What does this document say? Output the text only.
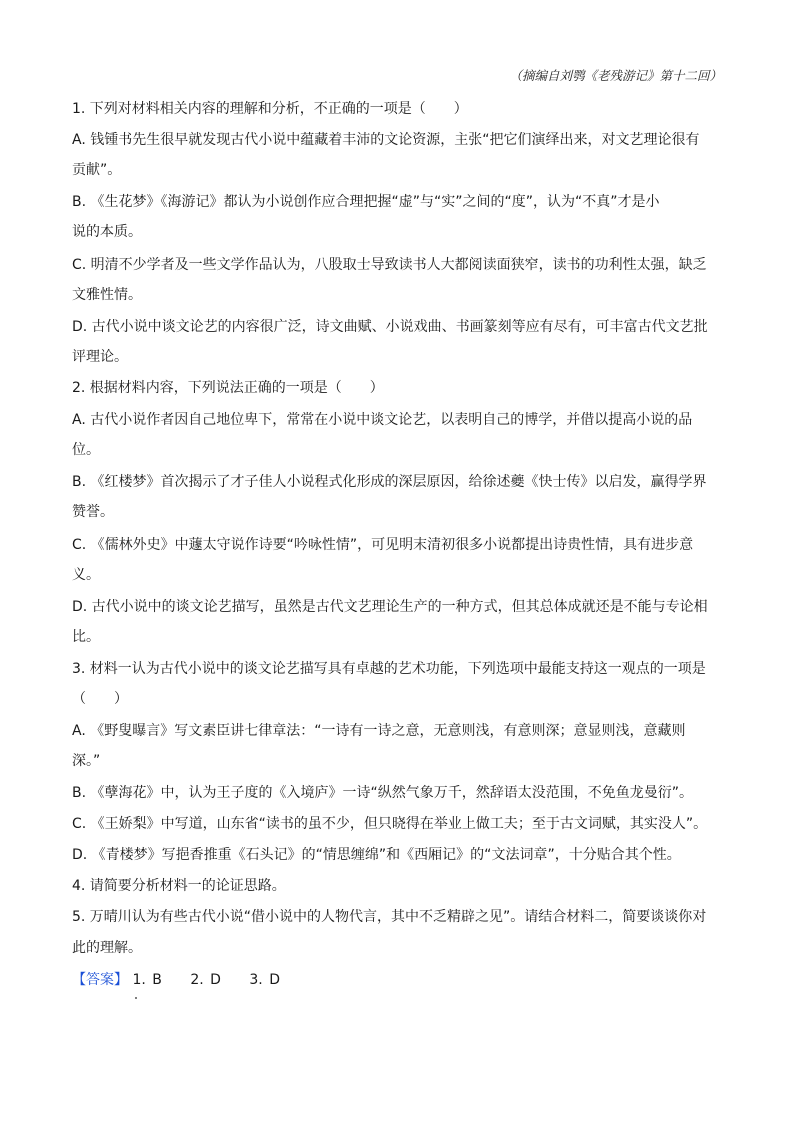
（摘编自刘鹗《老残游记》第十二回）
1. 下列对材料相关内容的理解和分析，不正确的一项是（　　）
A. 钱锺书先生很早就发现古代小说中蕴藏着丰沛的文论资源，主张“把它们演绎出来，对文艺理论很有
贡献”。
B. 《生花梦》《海游记》都认为小说创作应合理把握“虚”与“实”之间的“度”，认为“不真”才是小
说的本质。
C. 明清不少学者及一些文学作品认为，八股取士导致读书人大都阅读面狭窄，读书的功利性太强，缺乏
文雅性情。
D. 古代小说中谈文论艺的内容很广泛，诗文曲赋、小说戏曲、书画篆刻等应有尽有，可丰富古代文艺批
评理论。
2. 根据材料内容，下列说法正确的一项是（　　）
A. 古代小说作者因自己地位卑下，常常在小说中谈文论艺，以表明自己的博学，并借以提高小说的品
位。
B. 《红楼梦》首次揭示了才子佳人小说程式化形成的深层原因，给徐述夔《快士传》以启发，赢得学界
赞誉。
C. 《儒林外史》中蘧太守说作诗要“吟咏性情”，可见明末清初很多小说都提出诗贵性情，具有进步意
义。
D. 古代小说中的谈文论艺描写，虽然是古代文艺理论生产的一种方式，但其总体成就还是不能与专论相
比。
3. 材料一认为古代小说中的谈文论艺描写具有卓越的艺术功能，下列选项中最能支持这一观点的一项是
（　　）
A. 《野叟曝言》写文素臣讲七律章法：“一诗有一诗之意，无意则浅，有意则深；意显则浅，意藏则
深。”
B. 《孽海花》中，认为王子度的《入境庐》一诗“纵然气象万千，然辞语太没范围，不免鱼龙曼衍”。
C. 《王娇梨》中写道，山东省“读书的虽不少，但只晓得在举业上做工夫；至于古文词赋，其实没人”。
D. 《青楼梦》写挹香推重《石头记》的“情思缠绵”和《西厢记》的“文法词章”，十分贴合其个性。
4. 请简要分析材料一的论证思路。
5. 万晴川认为有些古代小说“借小说中的人物代言，其中不乏精辟之见”。请结合材料二，简要谈谈你对
此的理解。
【答案】 1. B 2. D 3. D
